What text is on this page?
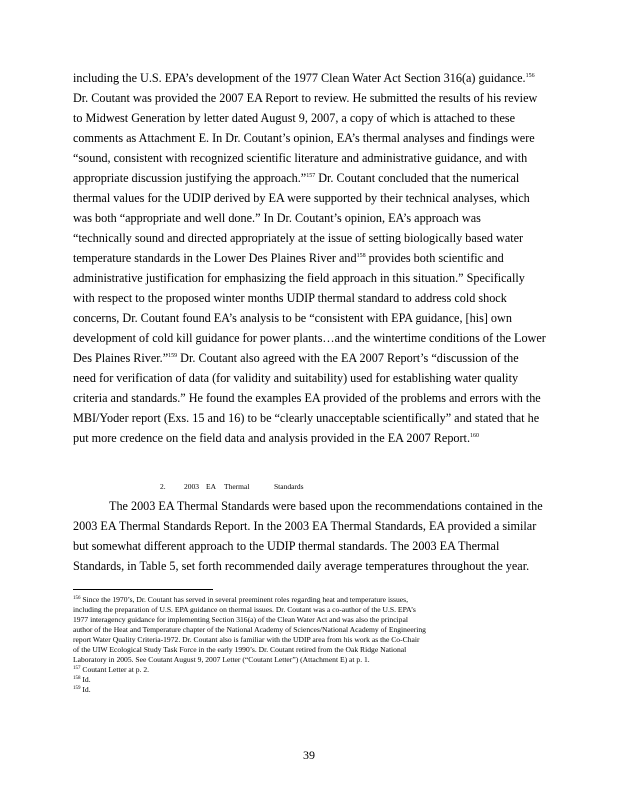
including the U.S. EPA’s development of the 1977 Clean Water Act Section 316(a) guidance.$^{156}$
Dr. Coutant was provided the 2007 EA Report to review. He submitted the results of his review
to Midwest Generation by letter dated August 9, 2007, a copy of which is attached to these
comments as Attachment E. In Dr. Coutant’s opinion, EA’s thermal analyses and findings were
“sound, consistent with recognized scientific literature and administrative guidance, and with
appropriate discussion justifying the approach.”$^{157}$ Dr. Coutant concluded that the numerical
thermal values for the UDIP derived by EA were supported by their technical analyses, which
was both “appropriate and well done.” In Dr. Coutant’s opinion, EA’s approach was
“technically sound and directed appropriately at the issue of setting biologically based water
temperature standards in the Lower Des Plaines River and$^{158}$ provides both scientific and
administrative justification for emphasizing the field approach in this situation.” Specifically
with respect to the proposed winter months UDIP thermal standard to address cold shock
concerns, Dr. Coutant found EA’s analysis to be “consistent with EPA guidance, [his] own
development of cold kill guidance for power plants…and the wintertime conditions of the Lower
Des Plaines River.”$^{159}$ Dr. Coutant also agreed with the EA 2007 Report’s “discussion of the
need for verification of data (for validity and suitability) used for establishing water quality
criteria and standards.” He found the examples EA provided of the problems and errors with the
MBI/Yoder report (Exs. 15 and 16) to be “clearly unacceptable scientifically” and stated that he
put more credence on the field data and analysis provided in the EA 2007 Report.$^{160}$
2. 2003 EA Thermal	Standards
The 2003 EA Thermal Standards were based upon the recommendations contained in the
2003 EA Thermal Standards Report. In the 2003 EA Thermal Standards, EA provided a similar
but somewhat different approach to the UDIP thermal standards. The 2003 EA Thermal
Standards, in Table 5, set forth recommended daily average temperatures throughout the year.
$^{156}$ Since the 1970’s, Dr. Coutant has served in several preeminent roles regarding heat and temperature issues,
including the preparation of U.S. EPA guidance on thermal issues. Dr. Coutant was a co-author of the U.S. EPA’s
1977 interagency guidance for implementing Section 316(a) of the Clean Water Act and was also the principal
author of the Heat and Temperature chapter of the National Academy of Sciences/National Academy of Engineering
report Water Quality Criteria-1972. Dr. Coutant also is familiar with the UDIP area from his work as the Co-Chair
of the UIW Ecological Study Task Force in the early 1990’s. Dr. Coutant retired from the Oak Ridge National
Laboratory in 2005. See Coutant August 9, 2007 Letter (“Coutant Letter”) (Attachment E) at p. 1.
$^{157}$ Coutant Letter at p. 2.
$^{158}$ Id.
$^{159}$ Id.
39
